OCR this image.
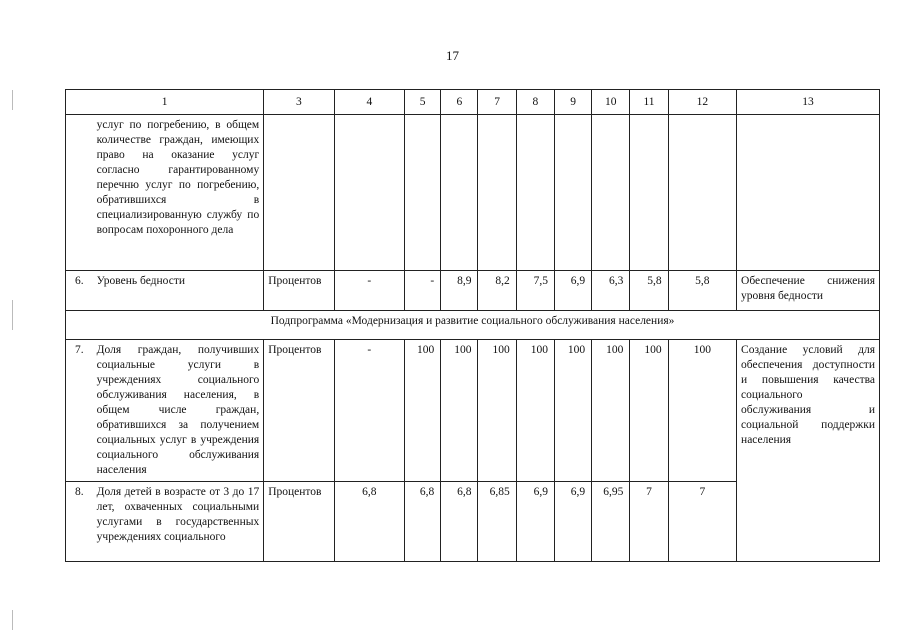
17
1		3	4	5	6	7	8	9	10	11	12	13
	услуг по погребению, в общем количестве граждан, имеющих право на оказание услуг согласно гарантированному перечню услуг по погребению, обратившихся в специализированную службу по вопросам похоронного дела											
6.	Уровень бедности	Процентов	-	-	8,9	8,2	7,5	6,9	6,3	5,8	5,8	Обеспечение снижения уровня бедности
Подпрограмма «Модернизация и развитие социального обслуживания населения»												
7.	Доля граждан, получивших социальные услуги в учреждениях социального обслуживания населения, в общем числе граждан, обратившихся за получением социальных услуг в учреждения социального обслуживания населения	Процентов	-	100	100	100	100	100	100	100	100	Создание условий для обеспечения доступности и повышения качества социального обслуживания и социальной поддержки населения
8.	Доля детей в возрасте от 3 до 17 лет, охваченных социальными услугами в государственных учреждениях социального	Процентов	6,8	6,8	6,8	6,85	6,9	6,9	6,95	7	7	
